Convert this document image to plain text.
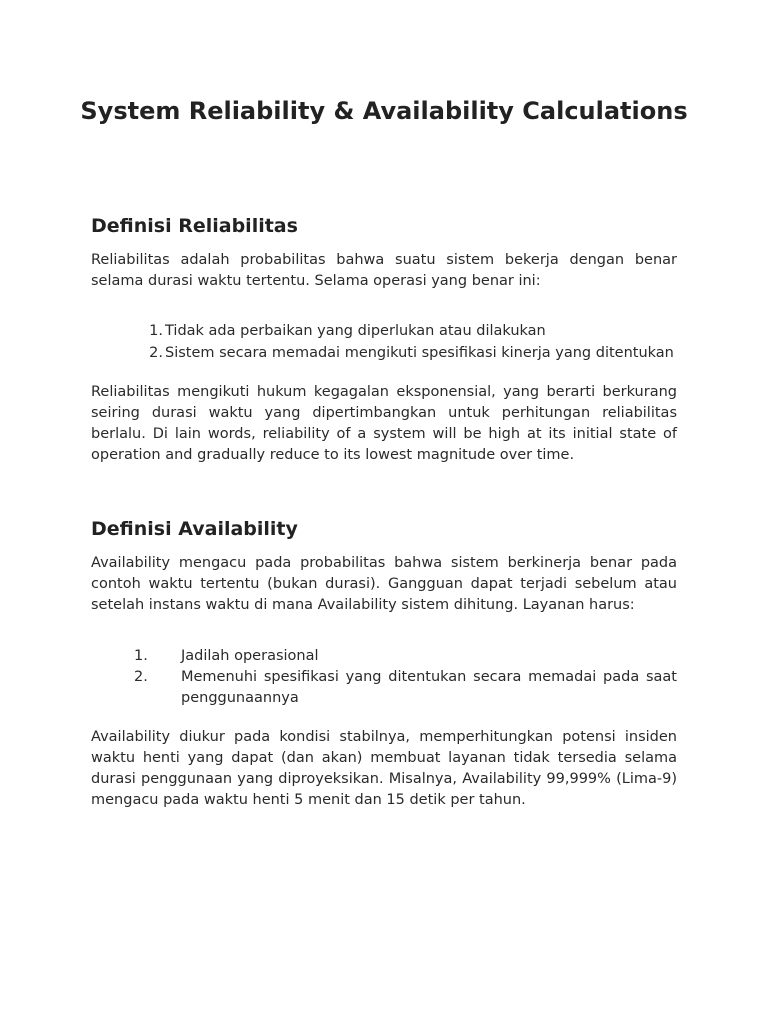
System Reliability & Availability Calculations
Definisi Reliabilitas

Reliabilitas adalah probabilitas bahwa suatu sistem bekerja dengan benar selama durasi waktu tertentu. Selama operasi yang benar ini:

1. Tidak ada perbaikan yang diperlukan atau dilakukan
2. Sistem secara memadai mengikuti spesifikasi kinerja yang ditentukan

Reliabilitas mengikuti hukum kegagalan eksponensial, yang berarti berkurang seiring durasi waktu yang dipertimbangkan untuk perhitungan reliabilitas berlalu. Di lain words, reliability of a system will be high at its initial state of operation and gradually reduce to its lowest magnitude over time.

Definisi Availability

Availability mengacu pada probabilitas bahwa sistem berkinerja benar pada contoh waktu tertentu (bukan durasi). Gangguan dapat terjadi sebelum atau setelah instans waktu di mana Availability sistem dihitung. Layanan harus:

1.	Jadilah operasional
2.	Memenuhi spesifikasi yang ditentukan secara memadai pada saat penggunaannya

Availability diukur pada kondisi stabilnya, memperhitungkan potensi insiden waktu henti yang dapat (dan akan) membuat layanan tidak tersedia selama durasi penggunaan yang diproyeksikan. Misalnya, Availability 99,999% (Lima-9) mengacu pada waktu henti 5 menit dan 15 detik per tahun.
